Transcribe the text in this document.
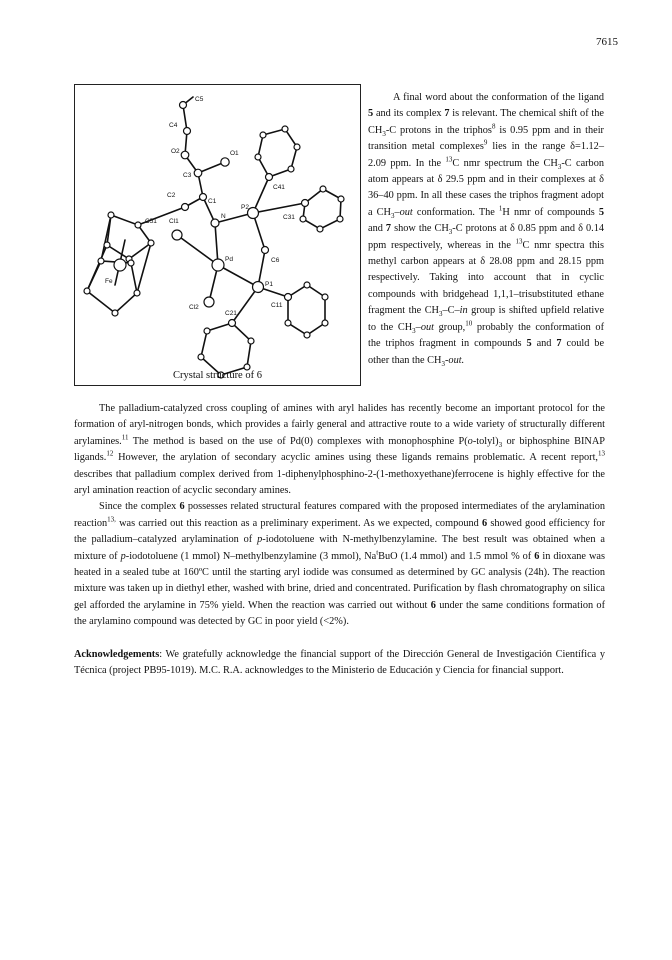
7615
C5
C4
O2	O1
C3
C41
C2
C1
N
P2
C31
C51 Cl1
Pd	C6
Fe	P1
Cl2
C21
C11
Crystal structure of 6

A final word about the conformation of the ligand 5 and its complex 7 is relevant. The chemical shift of the $CH_3-C$ protons in the triphos$^8$ is 0.95 ppm and in their transition metal complexes$^9$ lies in the range δ=1.12–2.09 ppm. In the $^{13}$C nmr spectrum the $CH_3-C$ carbon atom appears at δ 29.5 ppm and in their complexes at δ 36–40 ppm. In all these cases the triphos fragment adopt a $CH_3$–out conformation. The $^1$H nmr of compounds 5 and 7 show the $CH_3-C$ protons at δ 0.85 ppm and δ 0.14 ppm respectively, whereas in the $^{13}$C nmr spectra this methyl carbon appears at δ 28.08 ppm and 28.15 ppm respectively. Taking into account that in cyclic compounds with bridgehead 1,1,1–trisubstituted ethane fragment the $CH_3-C-in$ group is shifted upfield relative to the $CH_3$–out group,$^{10}$ probably the conformation of the triphos fragment in compounds 5 and 7 could be other than the $CH_3$-out.

The palladium-catalyzed cross coupling of amines with aryl halides has recently become an important protocol for the formation of aryl-nitrogen bonds, which provides a fairly general and attractive route to a wide variety of structurally different arylamines.$^{11}$ The method is based on the use of Pd(0) complexes with monophosphine $P(o-tolyl)_3$ or biphosphine BINAP ligands.$^{12}$ However, the arylation of secondary acyclic amines using these ligands remains problematic. A recent report,$^{13}$ describes that palladium complex derived from 1-diphenylphosphino-2-(1-methoxyethane)ferrocene is highly effective for the aryl amination reaction of acyclic secondary amines.

Since the complex 6 possesses related structural features compared with the proposed intermediates of the arylamination reaction$^{13,}$ was carried out this reaction as a preliminary experiment. As we expected, compound 6 showed good efficiency for the palladium–catalyzed arylamination of p-iodotoluene with N-methylbenzylamine. The best result was obtained when a mixture of p-iodotoluene (1 mmol) N–methylbenzylamine (3 mmol), Na$^t$BuO (1.4 mmol) and 1.5 mmol % of 6 in dioxane was heated in a sealed tube at 160ºC until the starting aryl iodide was consumed as determined by GC analysis (24h). The reaction mixture was taken up in diethyl ether, washed with brine, dried and concentrated. Purification by flash chromatography on silica gel afforded the arylamine in 75% yield. When the reaction was carried out without 6 under the same conditions formation of the arylamino compound was detected by GC in poor yield (<2%).

Acknowledgements: We gratefully acknowledge the financial support of the Dirección General de Investigación Científica y Técnica (project PB95-1019). M.C. R.A. acknowledges to the Ministerio de Educación y Ciencia for financial support.
